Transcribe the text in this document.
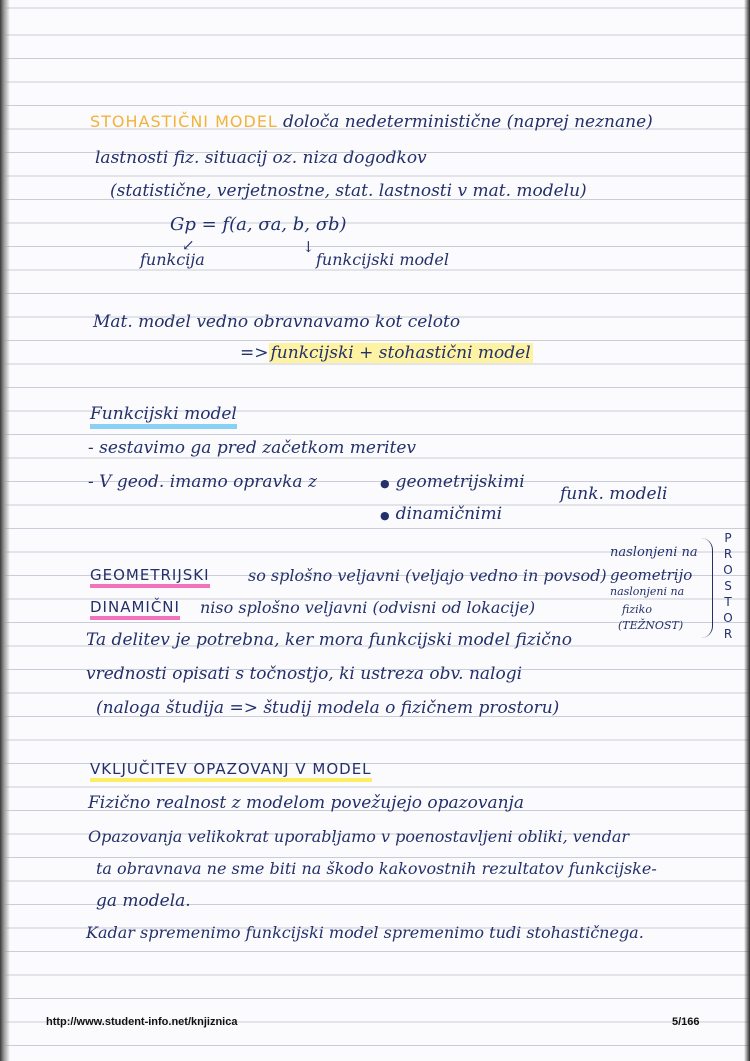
STOHASTIČNI MODEL določa nedeterministične (naprej neznane)
lastnosti fiz. situacij oz. niza dogodkov
(statistične, verjetnostne, stat. lastnosti v mat. modelu)
Gp = f(a, σa, b, σb)
↙
funkcija
↓
funkcijski model
Mat. model vedno obravnavamo kot celoto
=> funkcijski + stohastični model
Funkcijski model
- sestavimo ga pred začetkom meritev
- V geod. imamo opravka z	● geometrijskimi
● dinamičnimi
funk. modeli
naslonjeni na
GEOMETRIJSKI so splošno veljavni (veljajo vedno in povsod) geometrijo
naslonjeni na
DINAMIČNI niso splošno veljavni (odvisni od lokacije)	fiziko
(TEŽNOST)
P
R
O
S
T
O
R
Ta delitev je potrebna, ker mora funkcijski model fizično
vrednosti opisati s točnostjo, ki ustreza obv. nalogi
(naloga študija => študij modela o fizičnem prostoru)
VKLJUČITEV OPAZOVANJ V MODEL
Fizično realnost z modelom povežujejo opazovanja
Opazovanja velikokrat uporabljamo v poenostavljeni obliki, vendar
ta obravnava ne sme biti na škodo kakovostnih rezultatov funkcijske-
ga modela.
Kadar spremenimo funkcijski model spremenimo tudi stohastičnega.
http://www.student-info.net/knjiznica	5/166
